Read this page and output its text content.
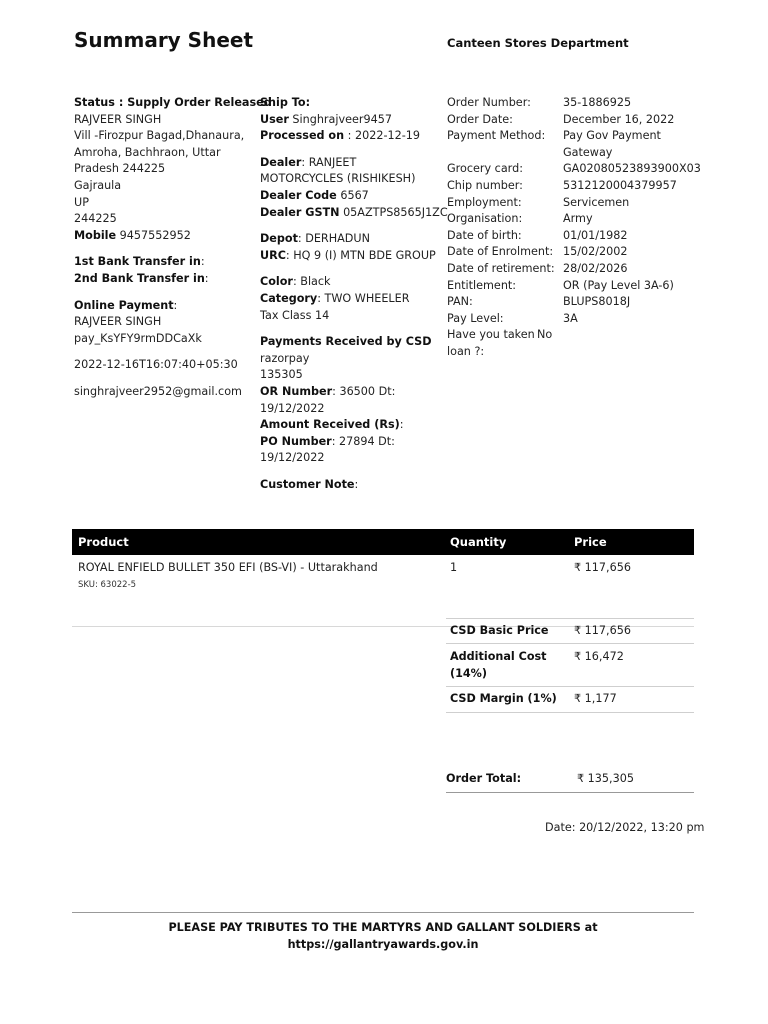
Summary Sheet	Canteen Stores Department
Status : Supply Order Released
RAJVEER SINGH
Vill -Firozpur Bagad,Dhanaura,
Amroha, Bachhraon, Uttar
Pradesh 244225
Gajraula
UP
244225
Mobile 9457552952
1st Bank Transfer in:
2nd Bank Transfer in:
Online Payment:
RAJVEER SINGH
pay_KsYFY9rmDDCaXk
2022-12-16T16:07:40+05:30
singhrajveer2952@gmail.com
Ship To:
User Singhrajveer9457
Processed on : 2022-12-19
Dealer: RANJEET MOTORCYCLES (RISHIKESH)
Dealer Code 6567
Dealer GSTN 05AZTPS8565J1ZC
Depot: DERHADUN
URC: HQ 9 (I) MTN BDE GROUP
Color: Black
Category: TWO WHEELER
Tax Class 14
Payments Received by CSD
razorpay
135305
OR Number: 36500 Dt: 19/12/2022
Amount Received (Rs):
PO Number: 27894 Dt: 19/12/2022
Customer Note:
Order Number:	35-1886925
Order Date:	December 16, 2022
Payment Method:	Pay Gov Payment Gateway
Grocery card:	GA02080523893900X03
Chip number:	5312120004379957
Employment:	Servicemen
Organisation:	Army
Date of birth:	01/01/1982
Date of Enrolment: 15/02/2002
Date of retirement: 28/02/2026
Entitlement:	OR (Pay Level 3A-6)
PAN:	BLUPS8018J
Pay Level:	3A
Have you taken loan ?:
No
Product	Quantity	Price
ROYAL ENFIELD BULLET 350 EFI (BS-VI) - Uttarakhand
SKU: 63022-5
1	₹ 117,656
CSD Basic Price ₹ 117,656
Additional Cost (14%)
₹ 16,472
CSD Margin (1%) ₹ 1,177
Order Total:	₹ 135,305
Date: 20/12/2022, 13:20 pm
PLEASE PAY TRIBUTES TO THE MARTYRS AND GALLANT SOLDIERS at https://gallantryawards.gov.in
